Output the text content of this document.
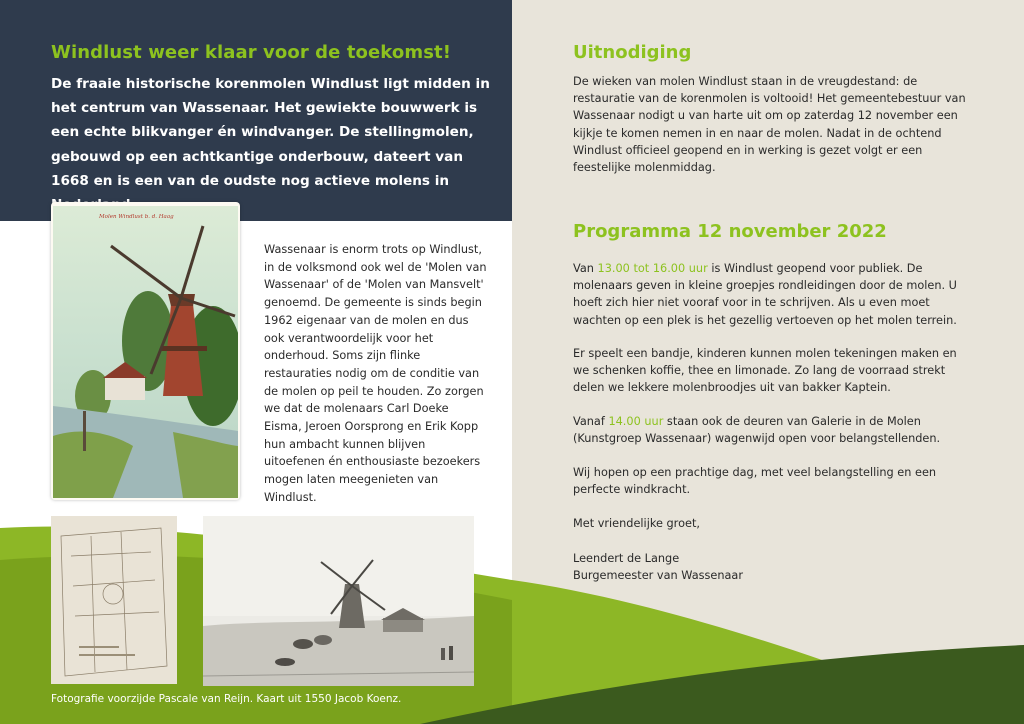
Windlust weer klaar voor de toekomst!
De fraaie historische korenmolen Windlust ligt midden in het centrum van Wassenaar. Het gewiekte bouwwerk is een echte blikvanger én windvanger. De stellingmolen, gebouwd op een achtkantige onderbouw, dateert van 1668 en is een van de oudste nog actieve molens in
Molen Windlust b. d. Haag
Wassenaar is enorm trots op Windlust, in de volksmond ook wel de 'Molen van Wassenaar' of de 'Molen van Mansvelt' genoemd. De gemeente is sinds begin 1962 eigenaar van de molen en dus ook verantwoordelijk voor het onderhoud. Soms zijn flinke restauraties nodig om de conditie van de molen op peil te houden. Zo zorgen we dat de molenaars Carl Doeke Eisma, Jeroen Oorsprong en Erik Kopp hun ambacht kunnen blijven uitoefenen én enthousiaste bezoekers mogen laten meegenieten van Windlust.
Fotografie voorzijde Pascale van Reijn. Kaart uit 1550 Jacob Koenz.
Uitnodiging
De wieken van molen Windlust staan in de vreugdestand: de restauratie van de korenmolen is voltooid! Het gemeentebestuur van Wassenaar nodigt u van harte uit om op zaterdag 12 november een kijkje te komen nemen in en naar de molen. Nadat in de ochtend Windlust officieel geopend en in werking is gezet volgt er een feestelijke molenmiddag.
Programma 12 november 2022
Van 13.00 tot 16.00 uur is Windlust geopend voor publiek. De molenaars geven in kleine groepjes rondleidingen door de molen. U hoeft zich hier niet vooraf voor in te schrijven. Als u even moet wachten op een plek is het gezellig vertoeven op het molen terrein.
Er speelt een bandje, kinderen kunnen molen tekeningen maken en we schenken koffie, thee en limonade. Zo lang de voorraad strekt delen we lekkere molenbroodjes uit van bakker Kaptein.
Vanaf 14.00 uur staan ook de deuren van Galerie in de Molen (Kunstgroep Wassenaar) wagenwijd open voor belangstellenden.
Wij hopen op een prachtige dag, met veel belangstelling en een perfecte windkracht.
Met vriendelijke groet,
Leendert de Lange
Burgemeester van Wassenaar
